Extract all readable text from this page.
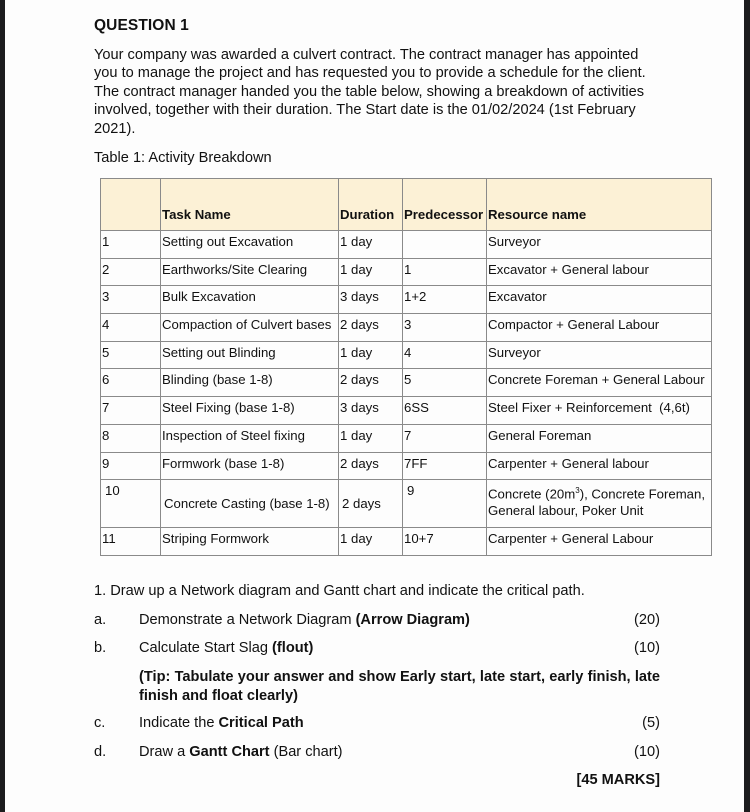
QUESTION 1
Your company was awarded a culvert contract. The contract manager has appointed you to manage the project and has requested you to provide a schedule for the client. The contract manager handed you the table below, showing a breakdown of activities involved, together with their duration. The Start date is the 01/02/2024 (1st February 2021).
Table 1: Activity Breakdown
	Task Name	Duration	Predecessor	Resource name
1	Setting out Excavation	1 day		Surveyor
2	Earthworks/Site Clearing	1 day	1	Excavator + General labour
3	Bulk Excavation	3 days	1+2	Excavator
4	Compaction of Culvert bases	2 days	3	Compactor + General Labour
5	Setting out Blinding	1 day	4	Surveyor
6	Blinding (base 1-8)	2 days	5	Concrete Foreman + General Labour
7	Steel Fixing (base 1-8)	3 days	6SS	Steel Fixer + Reinforcement  (4,6t)
8	Inspection of Steel fixing	1 day	7	General Foreman
9	Formwork (base 1-8)	2 days	7FF	Carpenter + General labour
10	Concrete Casting (base 1-8)	2 days	9	Concrete $(20m^3)$, Concrete Foreman,
General labour, Poker Unit
11	Striping Formwork	1 day	10+7	Carpenter + General Labour
1. Draw up a Network diagram and Gantt chart and indicate the critical path.
a. Demonstrate a Network Diagram (Arrow Diagram)	(20)
b. Calculate Start Slag (flout)	(10)
(Tip: Tabulate your answer and show Early start, late start, early finish, late finish and float clearly)
c. Indicate the Critical Path	(5)
d. Draw a Gantt Chart (Bar chart)	(10)
[45 MARKS]
